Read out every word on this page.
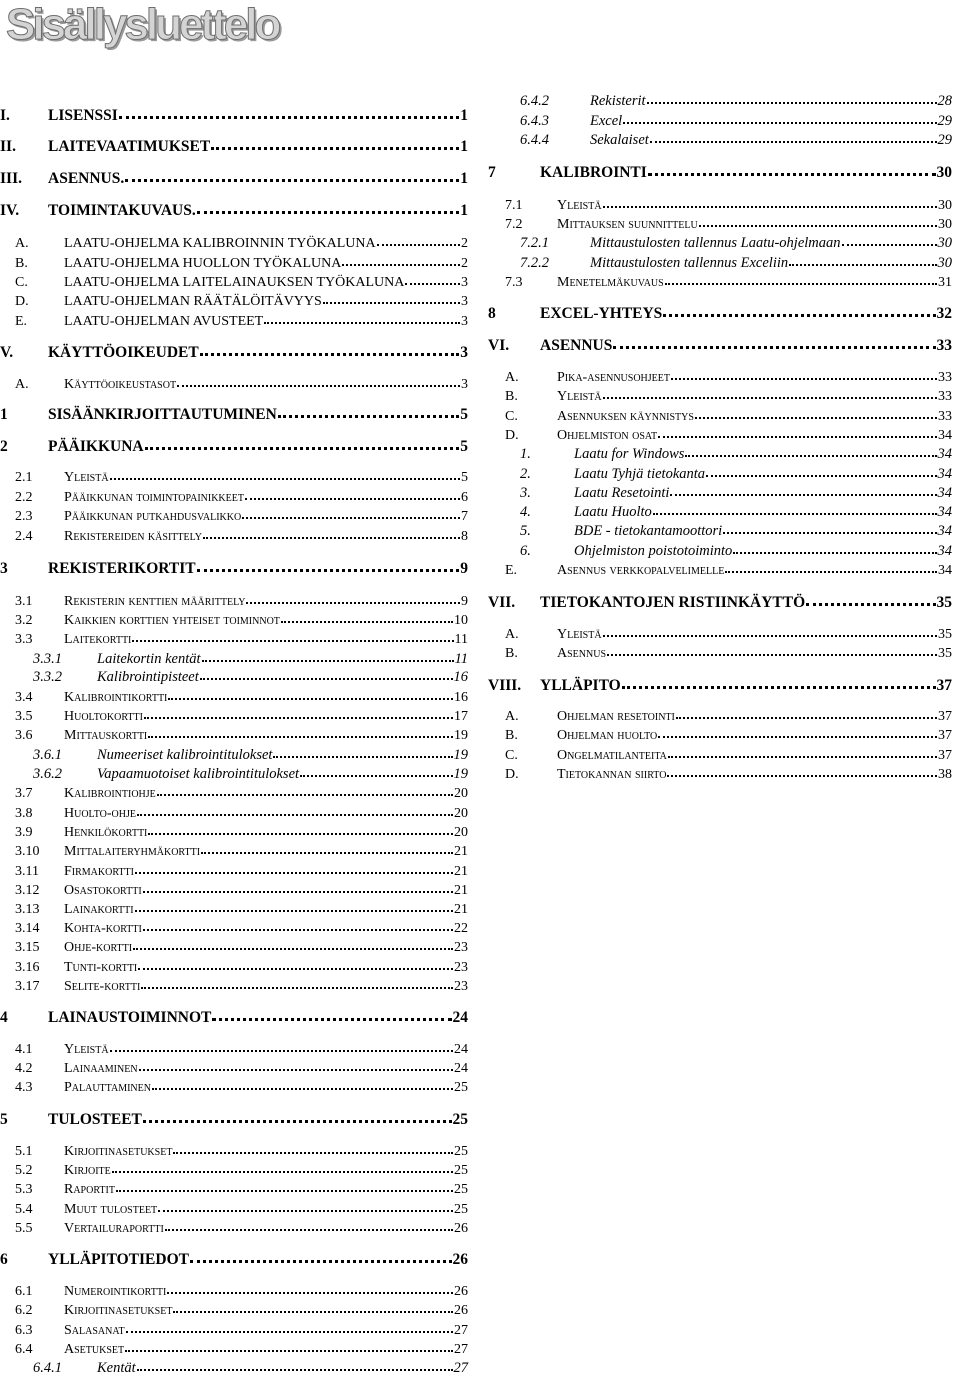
Sisällysluettelo
I.	LISENSSI	1
II.	LAITEVAATIMUKSET	1
III.	ASENNUS.	1
IV.	TOIMINTAKUVAUS.	1
A.	LAATU-OHJELMA KALIBROINNIN TYÖKALUNA	2
B.	LAATU-OHJELMA HUOLLON TYÖKALUNA	2
C.	LAATU-OHJELMA LAITELAINAUKSEN TYÖKALUNA	3
D.	LAATU-OHJELMAN RÄÄTÄLÖITÄVYYS	3
E.	LAATU-OHJELMAN AVUSTEET	3
V.	KÄYTTÖOIKEUDET	3
A.	Käyttöoikeustasot	3
1	SISÄÄNKIRJOITTAUTUMINEN	5
2	PÄÄIKKUNA	5
2.1	Yleistä	5
2.2	Pääikkunan toimintopainikkeet	6
2.3	Pääikkunan putkahdusvalikko	7
2.4	Rekistereiden käsittely	8
3	REKISTERIKORTIT	9
3.1	Rekisterin kenttien määrittely	9
3.2	Kaikkien korttien yhteiset toiminnot	10
3.3	Laitekortti	11
3.3.1	Laitekortin kentät	11
3.3.2	Kalibrointipisteet	16
3.4	Kalibrointikortti	16
3.5	Huoltokortti	17
3.6	Mittauskortti	19
3.6.1	Numeeriset kalibrointitulokset	19
3.6.2	Vapaamuotoiset kalibrointitulokset	19
3.7	Kalibrointiohje	20
3.8	Huolto-ohje	20
3.9	Henkilökortti	20
3.10	Mittalaiteryhmäkortti	21
3.11	Firmakortti	21
3.12	Osastokortti	21
3.13	Lainakortti	21
3.14	Kohta-kortti	22
3.15	Ohje-kortti	23
3.16	Tunti-kortti	23
3.17	Selite-kortti	23
4	LAINAUSTOIMINNOT	24
4.1	Yleistä	24
4.2	Lainaaminen	24
4.3	Palauttaminen	25
5	TULOSTEET	25
5.1	Kirjoitinasetukset	25
5.2	Kirjoite	25
5.3	Raportit	25
5.4	Muut tulosteet	25
5.5	Vertailuraportti	26
6	YLLÄPITOTIEDOT	26
6.1	Numerointikortti	26
6.2	Kirjoitinasetukset	26
6.3	Salasanat	27
6.4	Asetukset	27
6.4.1	Kentät	27
6.4.2	Rekisterit	28
6.4.3	Excel	29
6.4.4	Sekalaiset	29
7	KALIBROINTI	30
7.1	Yleistä	30
7.2	Mittauksen suunnittelu	30
7.2.1	Mittaustulosten tallennus Laatu-ohjelmaan	30
7.2.2	Mittaustulosten tallennus Exceliin	30
7.3	Menetelmäkuvaus	31
8	EXCEL-YHTEYS	32
VI.	ASENNUS	33
A.	Pika-asennusohjeet	33
B.	Yleistä	33
C.	Asennuksen käynnistys	33
D.	Ohjelmiston osat	34
1.	Laatu for Windows	34
2.	Laatu Tyhjä tietokanta	34
3.	Laatu Resetointi	34
4.	Laatu Huolto	34
5.	BDE - tietokantamoottori	34
6.	Ohjelmiston poistotoiminto	34
E.	Asennus verkkopalvelimelle	34
VII.	TIETOKANTOJEN RISTIINKÄYTTÖ	35
A.	Yleistä	35
B.	Asennus	35
VIII.	YLLÄPITO	37
A.	Ohjelman resetointi	37
B.	Ohjelman huolto	37
C.	Ongelmatilanteita	37
D.	Tietokannan siirto	38
